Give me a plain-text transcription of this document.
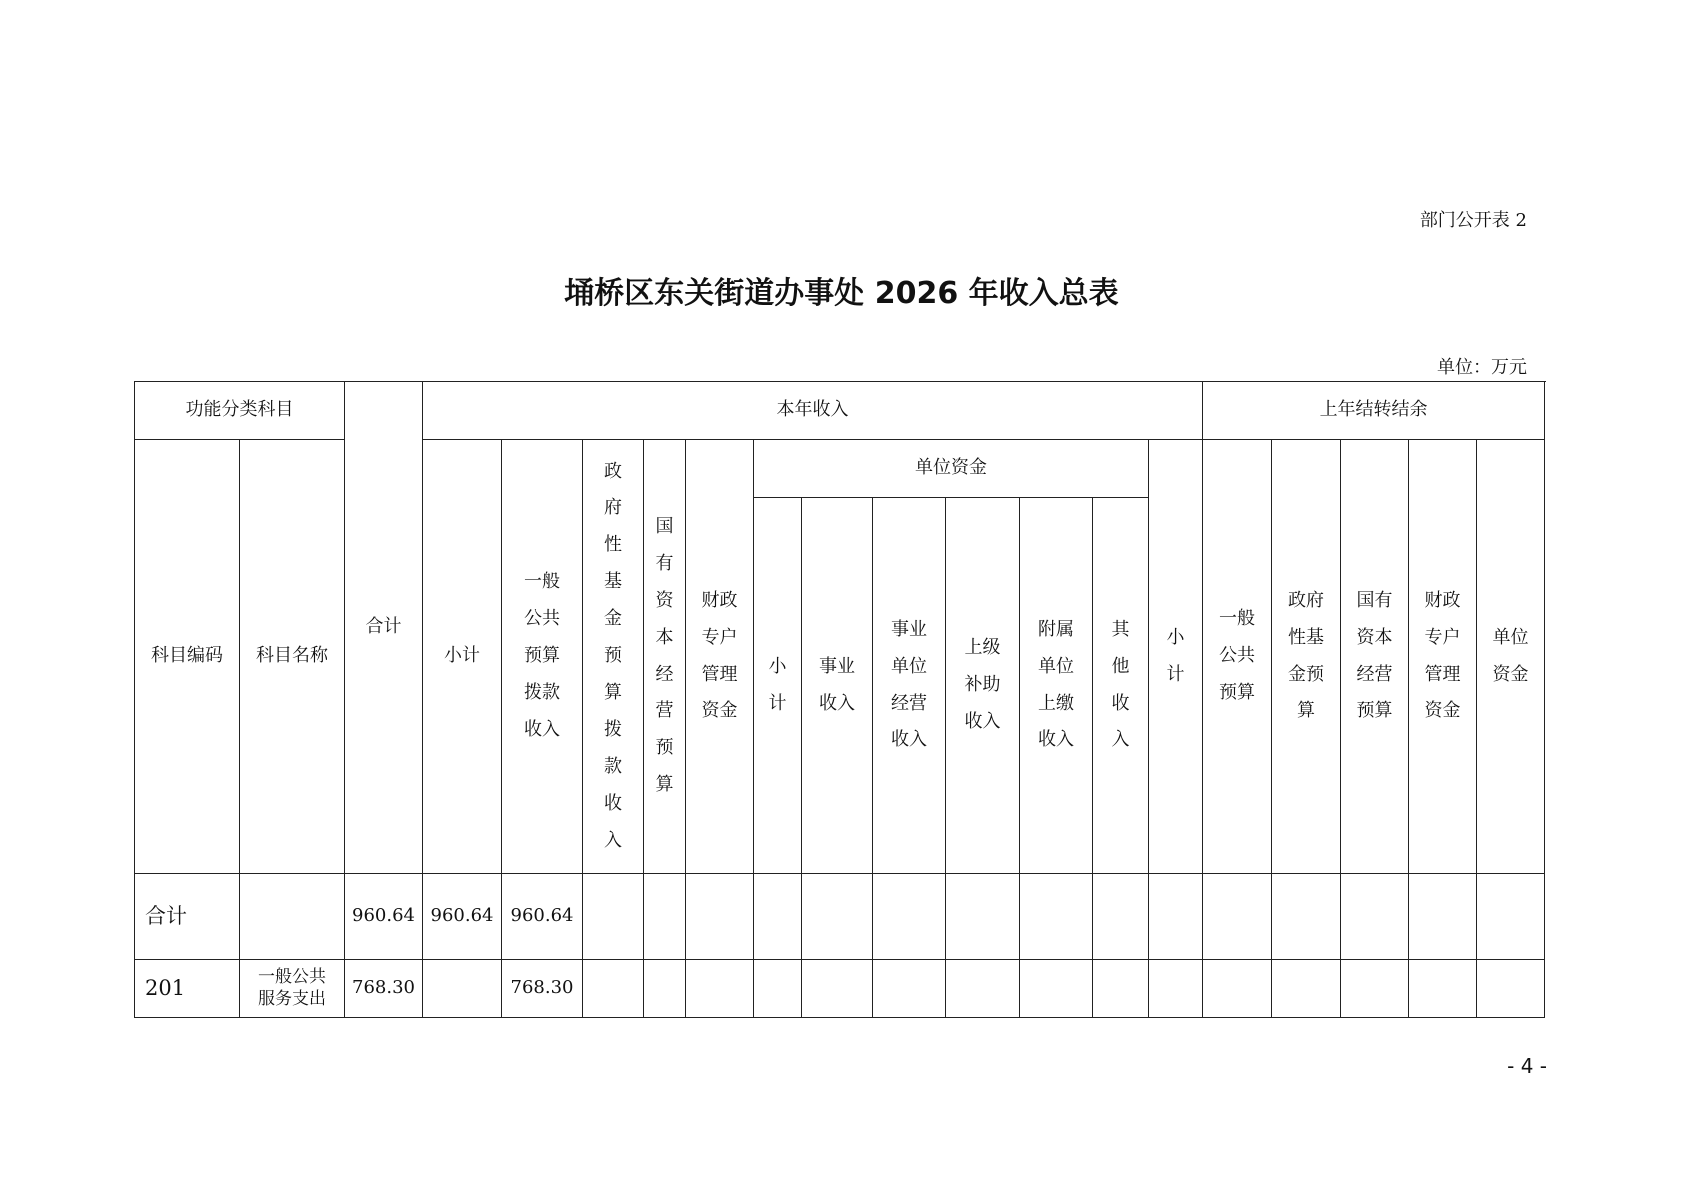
部门公开表 2
埇桥区东关街道办事处 2026 年收入总表
单位：万元
功能分类科目		合计	本年收入												上年结转结余				
科目编码	科目名称		小计	一般公共预算拨款收入	政府性基金预算拨款收入	国有资本经营预算	财政专户管理资金	单位资金						小计	一般公共预算	政府性基金预算	国有资本经营预算	财政专户管理资金	单位资金
								小计	事业收入	事业单位经营收入	上级补助收入	附属单位上缴收入	其他收入						
合计		960.64	960.64	960.64															
201	一般公共服务支出	768.30		768.30															
- 4 -
